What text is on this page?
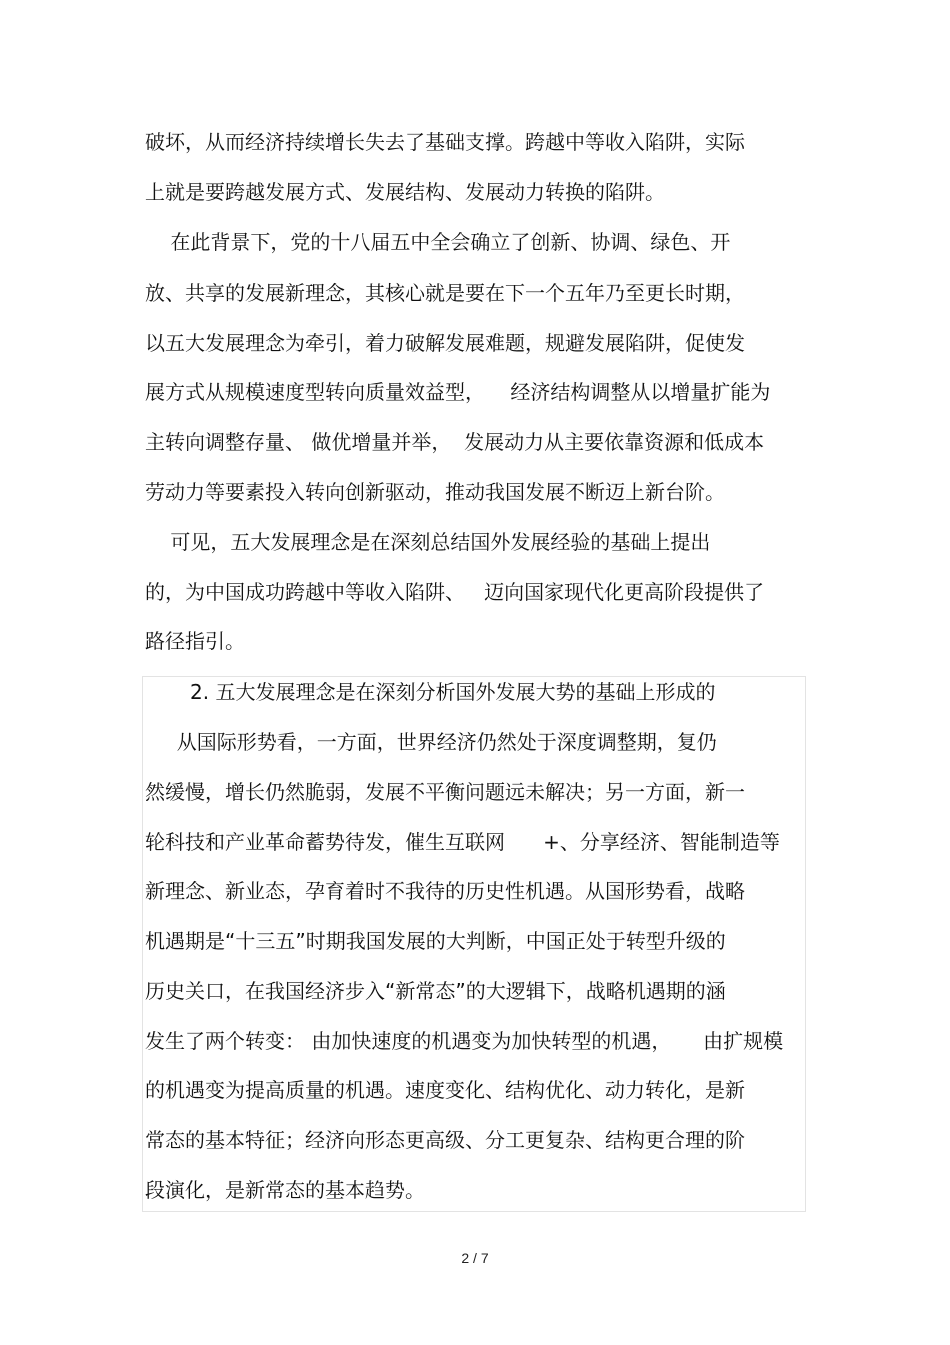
破坏，从而经济持续增长失去了基础支撑。跨越中等收入陷阱，实际

上就是要跨越发展方式、发展结构、发展动力转换的陷阱。

在此背景下，党的十八届五中全会确立了创新、协调、绿色、开

放、共享的发展新理念，其核心就是要在下一个五年乃至更长时期，

以五大发展理念为牵引，着力破解发展难题，规避发展陷阱，促使发

展方式从规模速度型转向质量效益型，    经济结构调整从以增量扩能为

主转向调整存量、 做优增量并举，  发展动力从主要依靠资源和低成本

劳动力等要素投入转向创新驱动，推动我国发展不断迈上新台阶。

可见，五大发展理念是在深刻总结国外发展经验的基础上提出

的，为中国成功跨越中等收入陷阱、   迈向国家现代化更高阶段提供了

路径指引。

2. 五大发展理念是在深刻分析国外发展大势的基础上形成的

从国际形势看，一方面，世界经济仍然处于深度调整期，复仍

然缓慢，增长仍然脆弱，发展不平衡问题远未解决；另一方面，新一

轮科技和产业革命蓄势待发，催生互联网      +、分享经济、智能制造等

新理念、新业态，孕育着时不我待的历史性机遇。从国形势看，战略

机遇期是“十三五”时期我国发展的大判断，中国正处于转型升级的

历史关口，在我国经济步入“新常态”的大逻辑下，战略机遇期的涵

发生了两个转变： 由加快速度的机遇变为加快转型的机遇，     由扩规模

的机遇变为提高质量的机遇。速度变化、结构优化、动力转化，是新

常态的基本特征；经济向形态更高级、分工更复杂、结构更合理的阶

段演化，是新常态的基本趋势。

2 / 7
